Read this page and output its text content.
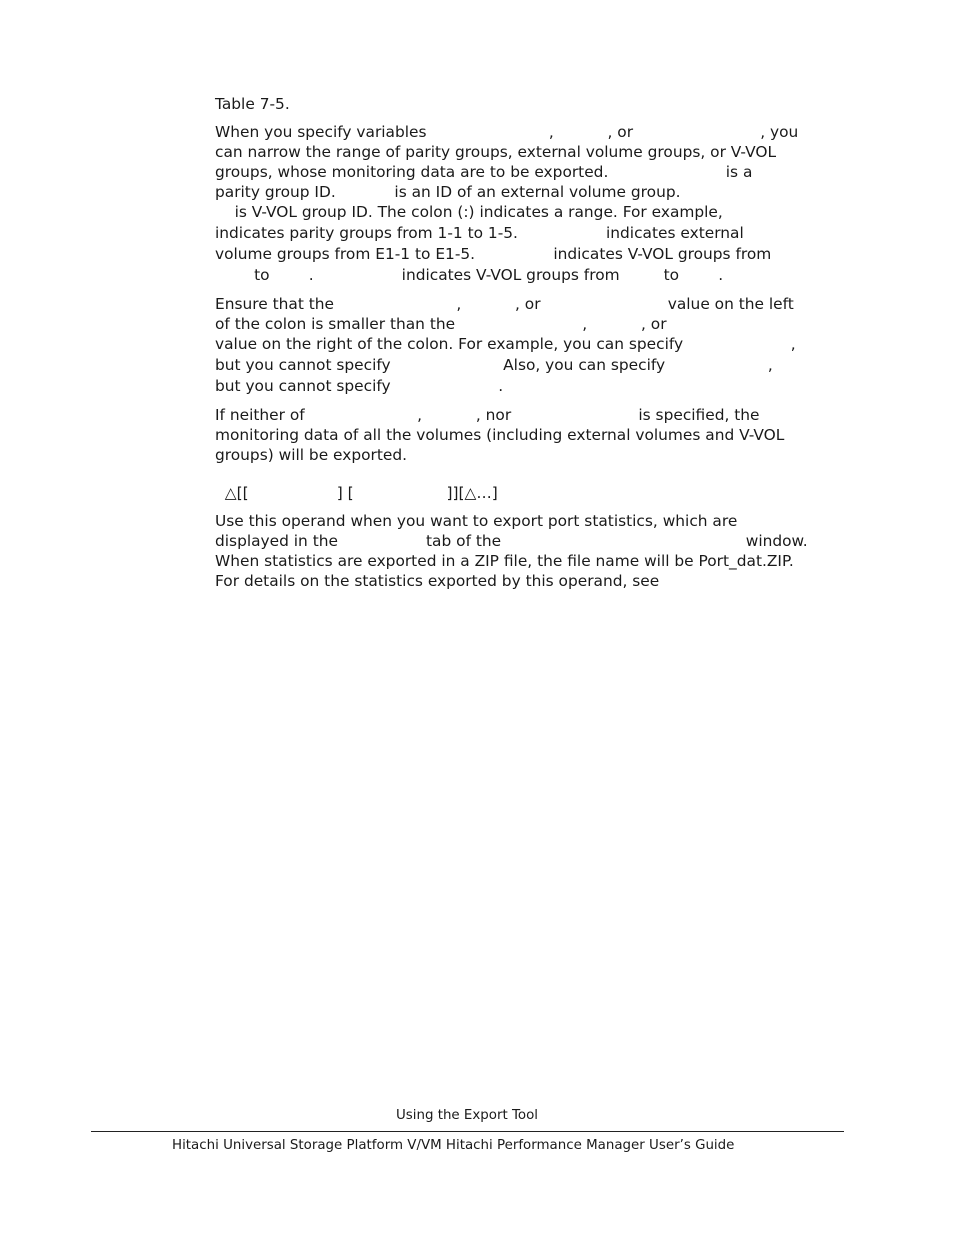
Table 7-5.
When you specify variables                         ,           , or                          , you
can narrow the range of parity groups, external volume groups, or V-VOL
groups, whose monitoring data are to be exported.                        is a
parity group ID.            is an ID of an external volume group.
is V-VOL group ID. The colon (:) indicates a range. For example,
indicates parity groups from 1-1 to 1-5.                  indicates external
volume groups from E1-1 to E1-5.                indicates V-VOL groups from
to        .                  indicates V-VOL groups from         to        .
Ensure that the                         ,           , or                          value on the left
of the colon is smaller than the                          ,           , or
value on the right of the colon. For example, you can specify                      ,
but you cannot specify                       Also, you can specify                     ,
but you cannot specify                      .
If neither of                       ,           , nor                          is specified, the
monitoring data of all the volumes (including external volumes and V-VOL
groups) will be exported.
△[[                  ] [                   ]][△…]
Use this operand when you want to export port statistics, which are
displayed in the                  tab of the                                                  window.
When statistics are exported in a ZIP file, the file name will be Port_dat.ZIP.
For details on the statistics exported by this operand, see
Using the Export Tool
Hitachi Universal Storage Platform V/VM Hitachi Performance Manager User’s Guide
